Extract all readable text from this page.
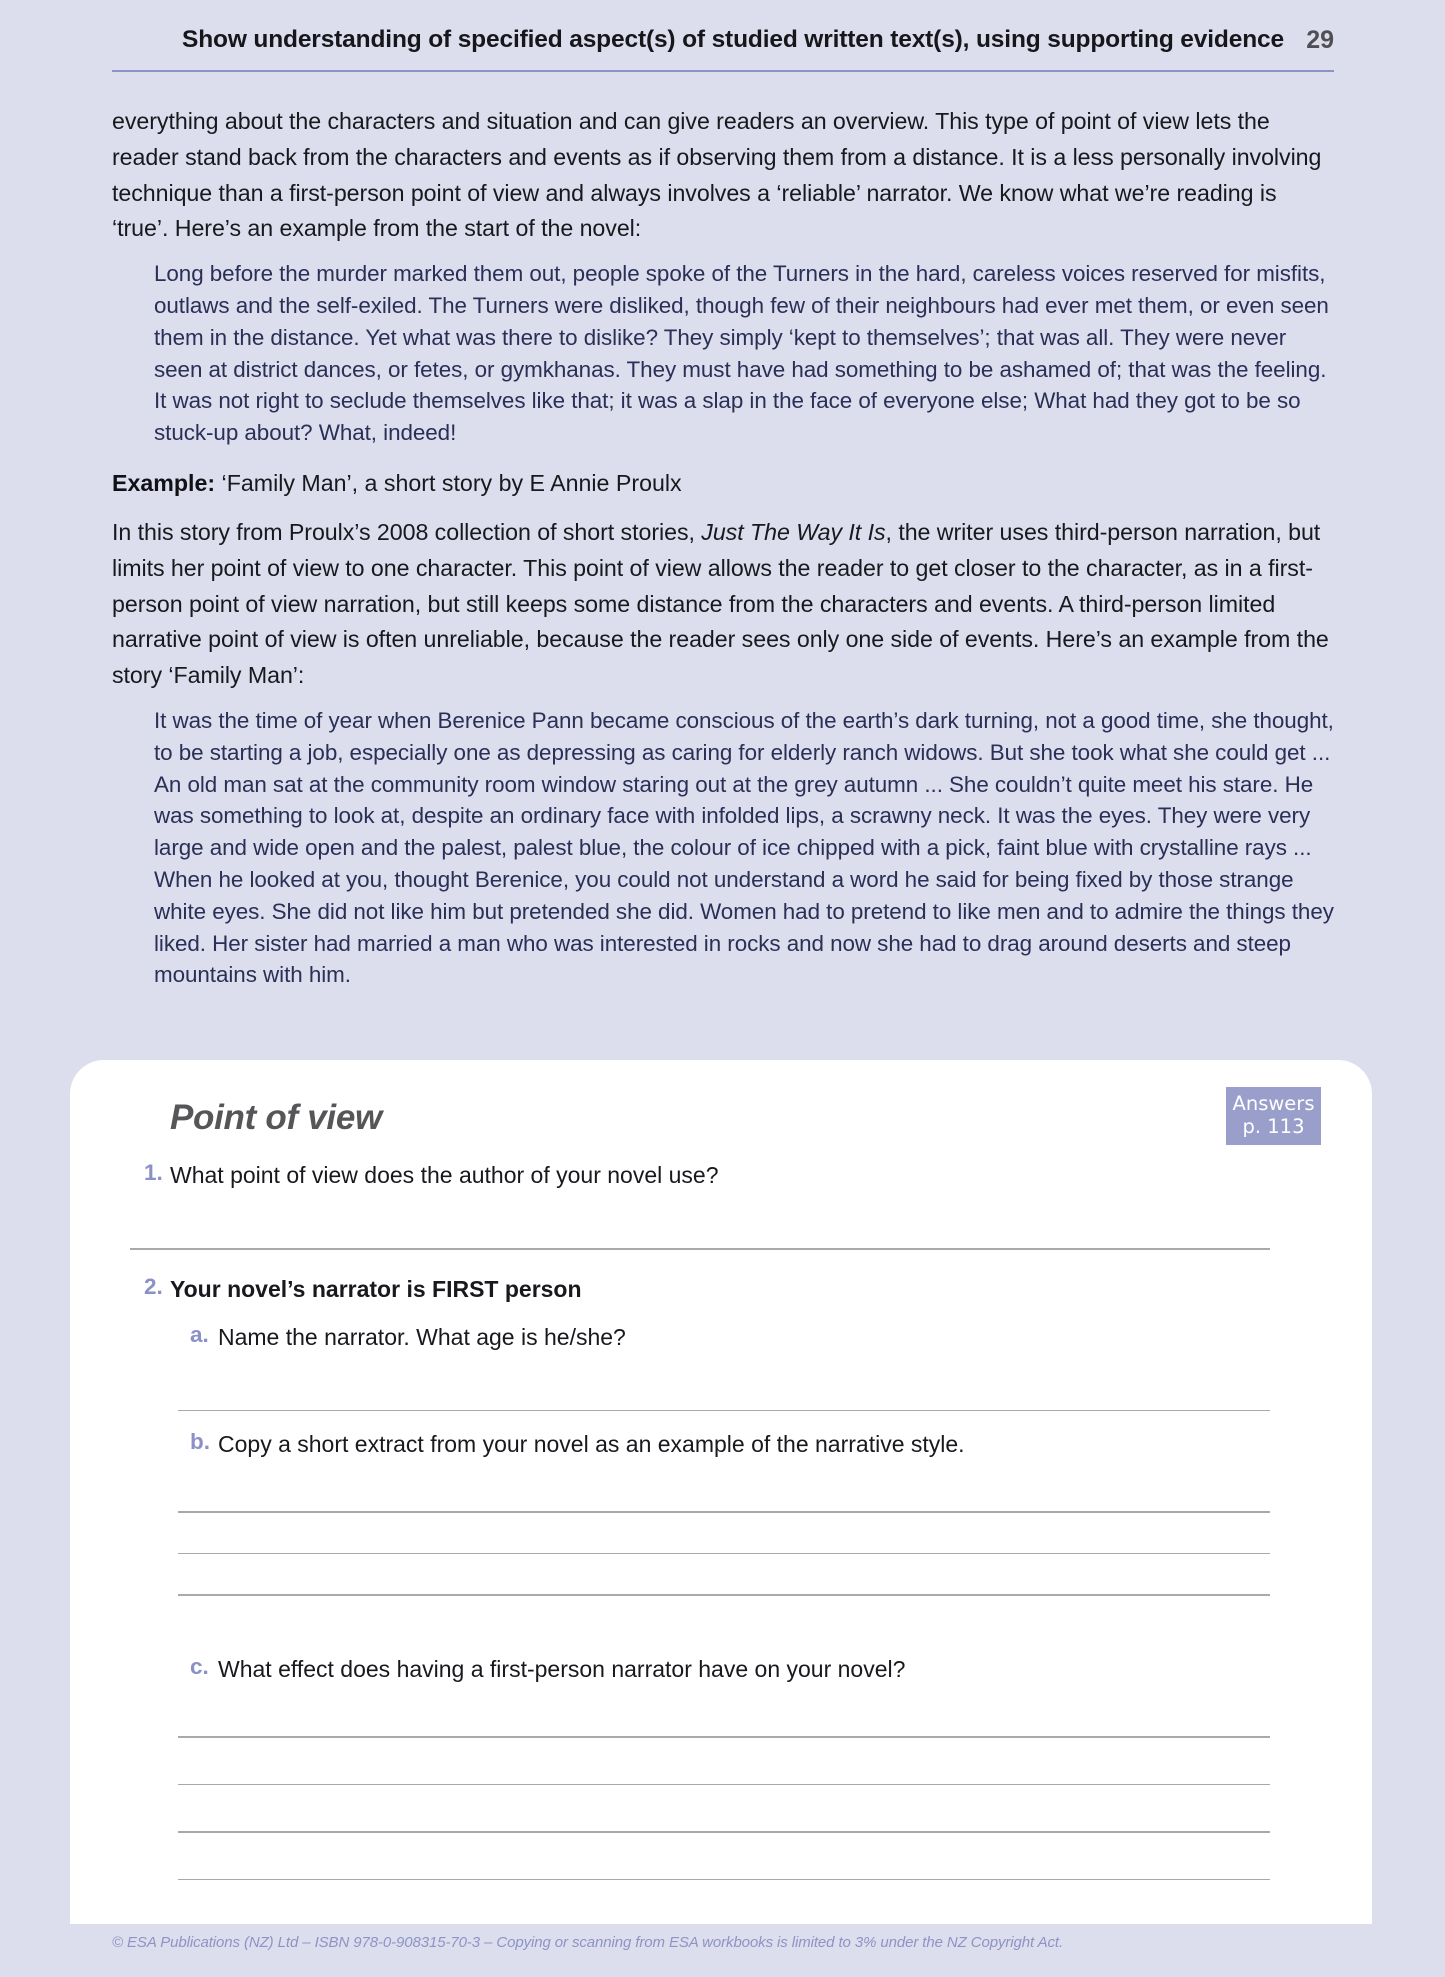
Show understanding of specified aspect(s) of studied written text(s), using supporting evidence 29

everything about the characters and situation and can give readers an overview. This type of point of view lets the reader stand back from the characters and events as if observing them from a distance. It is a less personally involving technique than a first-person point of view and always involves a ‘reliable’ narrator. We know what we’re reading is ‘true’. Here’s an example from the start of the novel:

Long before the murder marked them out, people spoke of the Turners in the hard, careless voices reserved for misfits, outlaws and the self-exiled. The Turners were disliked, though few of their neighbours had ever met them, or even seen them in the distance. Yet what was there to dislike? They simply ‘kept to themselves’; that was all. They were never seen at district dances, or fetes, or gymkhanas. They must have had something to be ashamed of; that was the feeling. It was not right to seclude themselves like that; it was a slap in the face of everyone else; What had they got to be so stuck-up about? What, indeed!

Example: ‘Family Man’, a short story by E Annie Proulx

In this story from Proulx’s 2008 collection of short stories, Just The Way It Is, the writer uses third-person narration, but limits her point of view to one character. This point of view allows the reader to get closer to the character, as in a first-person point of view narration, but still keeps some distance from the characters and events. A third-person limited narrative point of view is often unreliable, because the reader sees only one side of events. Here’s an example from the story ‘Family Man’:

It was the time of year when Berenice Pann became conscious of the earth’s dark turning, not a good time, she thought, to be starting a job, especially one as depressing as caring for elderly ranch widows. But she took what she could get ... An old man sat at the community room window staring out at the grey autumn ... She couldn’t quite meet his stare. He was something to look at, despite an ordinary face with infolded lips, a scrawny neck. It was the eyes. They were very large and wide open and the palest, palest blue, the colour of ice chipped with a pick, faint blue with crystalline rays ... When he looked at you, thought Berenice, you could not understand a word he said for being fixed by those strange white eyes. She did not like him but pretended she did. Women had to pretend to like men and to admire the things they liked. Her sister had married a man who was interested in rocks and now she had to drag around deserts and steep mountains with him.
Point of view	Answers
p. 113
1. What point of view does the author of your novel use?
2. Your novel’s narrator is FIRST person
a. Name the narrator. What age is he/she?
b. Copy a short extract from your novel as an example of the narrative style.
c. What effect does having a first-person narrator have on your novel?
© ESA Publications (NZ) Ltd – ISBN 978-0-908315-70-3 – Copying or scanning from ESA workbooks is limited to 3% under the NZ Copyright Act.
